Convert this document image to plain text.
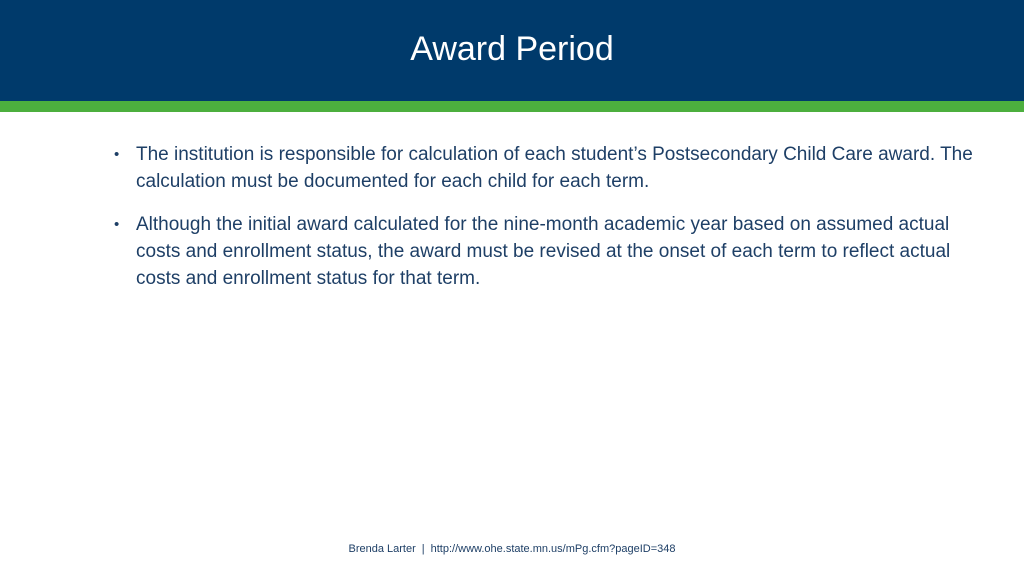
Award Period
• The institution is responsible for calculation of each student’s Postsecondary Child Care award. The calculation must be documented for each child for each term.
• Although the initial award calculated for the nine-month academic year based on assumed actual costs and enrollment status, the award must be revised at the onset of each term to reflect actual costs and enrollment status for that term.
Brenda Larter | http://www.ohe.state.mn.us/mPg.cfm?pageID=348
